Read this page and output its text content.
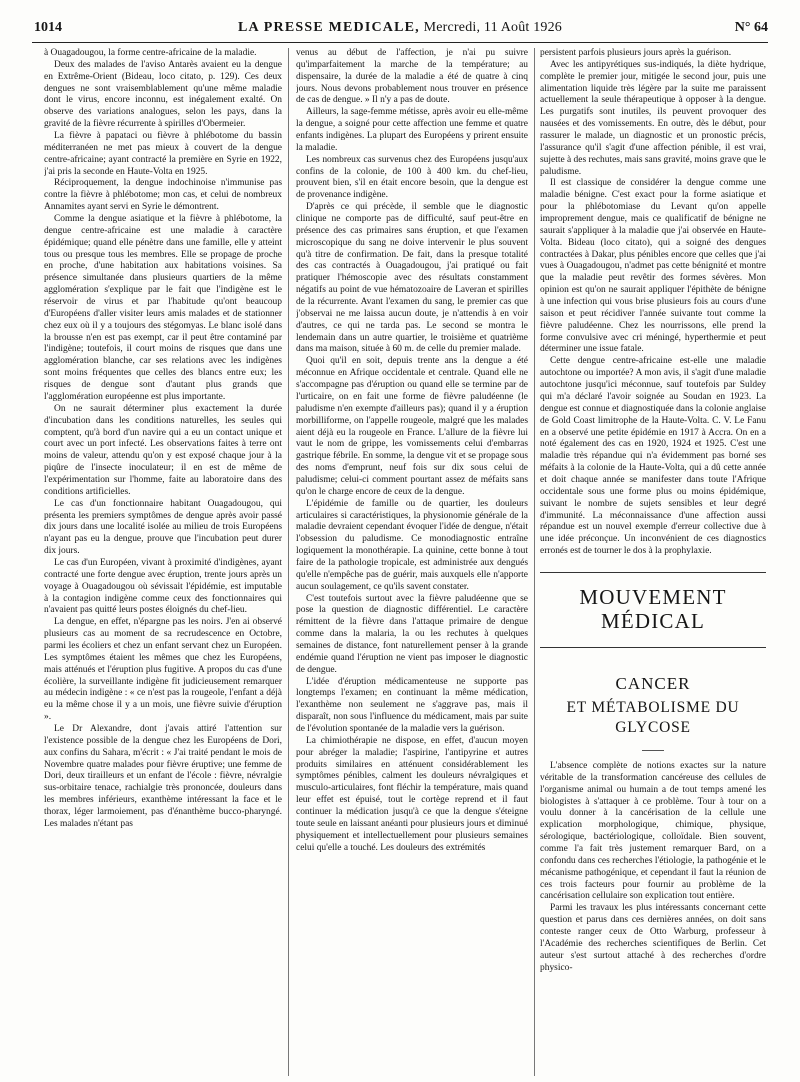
1014	LA PRESSE MEDICALE, Mercredi, 11 Août 1926	N° 64

à Ouagadougou, la forme centre-africaine de la maladie.

Deux des malades de l'aviso Antarès avaient eu la dengue en Extrême-Orient (Bideau, loco citato, p. 129). Ces deux dengues ne sont vraisemblablement qu'une même maladie dont le virus, encore inconnu, est inégalement exalté. On observe des variations analogues, selon les pays, dans la gravité de la fièvre récurrente à spirilles d'Obermeier.

La fièvre à papataci ou fièvre à phlébotome du bassin méditerranéen ne met pas mieux à couvert de la dengue centre-africaine; ayant contracté la première en Syrie en 1922, j'ai pris la seconde en Haute-Volta en 1925.

Réciproquement, la dengue indochinoise n'immunise pas contre la fièvre à phlébotome; mon cas, et celui de nombreux Annamites ayant servi en Syrie le démontrent.

Comme la dengue asiatique et la fièvre à phlébotome, la dengue centre-africaine est une maladie à caractère épidémique; quand elle pénètre dans une famille, elle y atteint tous ou presque tous les membres. Elle se propage de proche en proche, d'une habitation aux habitations voisines. Sa présence simultanée dans plusieurs quartiers de la même agglomération s'explique par le fait que l'indigène est le réservoir de virus et par l'habitude qu'ont beaucoup d'Européens d'aller visiter leurs amis malades et de stationner chez eux où il y a toujours des stégomyas. Le blanc isolé dans la brousse n'en est pas exempt, car il peut être contaminé par l'indigène; toutefois, il court moins de risques que dans une agglomération blanche, car ses relations avec les indigènes sont moins fréquentes que celles des blancs entre eux; les risques de dengue sont d'autant plus grands que l'agglomération européenne est plus importante.

On ne saurait déterminer plus exactement la durée d'incubation dans les conditions naturelles, les seules qui comptent, qu'à bord d'un navire qui a eu un contact unique et court avec un port infecté. Les observations faites à terre ont moins de valeur, attendu qu'on y est exposé chaque jour à la piqûre de l'insecte inoculateur; il en est de même de l'expérimentation sur l'homme, faite au laboratoire dans des conditions artificielles.

Le cas d'un fonctionnaire habitant Ouagadougou, qui présenta les premiers symptômes de dengue après avoir passé dix jours dans une localité isolée au milieu de trois Européens n'ayant pas eu la dengue, prouve que l'incubation peut durer dix jours.

Le cas d'un Européen, vivant à proximité d'indigènes, ayant contracté une forte dengue avec éruption, trente jours après un voyage à Ouagadougou où sévissait l'épidémie, est imputable à la contagion indigène comme ceux des fonctionnaires qui n'avaient pas quitté leurs postes éloignés du chef-lieu.

La dengue, en effet, n'épargne pas les noirs. J'en ai observé plusieurs cas au moment de sa recrudescence en Octobre, parmi les écoliers et chez un enfant servant chez un Européen. Les symptômes étaient les mêmes que chez les Européens, mais atténués et l'éruption plus fugitive. A propos du cas d'une écolière, la surveillante indigène fit judicieusement remarquer au médecin indigène : « ce n'est pas la rougeole, l'enfant a déjà eu la même chose il y a un mois, une fièvre suivie d'éruption ».

Le Dr Alexandre, dont j'avais attiré l'attention sur l'existence possible de la dengue chez les Européens de Dori, aux confins du Sahara, m'écrit : « J'ai traité pendant le mois de Novembre quatre malades pour fièvre éruptive; une femme de Dori, deux tirailleurs et un enfant de l'école : fièvre, névralgie sus-orbitaire tenace, rachialgie très prononcée, douleurs dans les membres inférieurs, exanthème intéressant la face et le thorax, léger larmoiement, pas d'énanthème bucco-pharyngé. Les malades n'étant pas

venus au début de l'affection, je n'ai pu suivre qu'imparfaitement la marche de la température; au dispensaire, la durée de la maladie a été de quatre à cinq jours. Nous devons probablement nous trouver en présence de cas de dengue. » Il n'y a pas de doute.

Ailleurs, la sage-femme métisse, après avoir eu elle-même la dengue, a soigné pour cette affection une femme et quatre enfants indigènes. La plupart des Européens y prirent ensuite la maladie.

Les nombreux cas survenus chez des Européens jusqu'aux confins de la colonie, de 100 à 400 km. du chef-lieu, prouvent bien, s'il en était encore besoin, que la dengue est de provenance indigène.

D'après ce qui précède, il semble que le diagnostic clinique ne comporte pas de difficulté, sauf peut-être en présence des cas primaires sans éruption, et que l'examen microscopique du sang ne doive intervenir le plus souvent qu'à titre de confirmation. De fait, dans la presque totalité des cas contractés à Ouagadougou, j'ai pratiqué ou fait pratiquer l'hémoscopie avec des résultats constamment négatifs au point de vue hématozoaire de Laveran et spirilles de la récurrente. Avant l'examen du sang, le premier cas que j'observai ne me laissa aucun doute, je n'attendis à en voir d'autres, ce qui ne tarda pas. Le second se montra le lendemain dans un autre quartier, le troisième et quatrième dans ma maison, située à 60 m. de celle du premier malade.

Quoi qu'il en soit, depuis trente ans la dengue a été méconnue en Afrique occidentale et centrale. Quand elle ne s'accompagne pas d'éruption ou quand elle se termine par de l'urticaire, on en fait une forme de fièvre paludéenne (le paludisme n'en exempte d'ailleurs pas); quand il y a éruption morbilliforme, on l'appelle rougeole, malgré que les malades aient déjà eu la rougeole en France. L'allure de la fièvre lui vaut le nom de grippe, les vomissements celui d'embarras gastrique fébrile. En somme, la dengue vit et se propage sous des noms d'emprunt, neuf fois sur dix sous celui de paludisme; celui-ci comment pourtant assez de méfaits sans qu'on le charge encore de ceux de la dengue.

L'épidémie de famille ou de quartier, les douleurs articulaires si caractéristiques, la physionomie générale de la maladie devraient cependant évoquer l'idée de dengue, n'était l'obsession du paludisme. Ce monodiagnostic entraîne logiquement la monothérapie. La quinine, cette bonne à tout faire de la pathologie tropicale, est administrée aux dengués qu'elle n'empêche pas de guérir, mais auxquels elle n'apporte aucun soulagement, ce qu'ils savent constater.

C'est toutefois surtout avec la fièvre paludéenne que se pose la question de diagnostic différentiel. Le caractère rémittent de la fièvre dans l'attaque primaire de dengue comme dans la malaria, la ou les rechutes à quelques semaines de distance, font naturellement penser à la grande endémie quand l'éruption ne vient pas imposer le diagnostic de dengue.

L'idée d'éruption médicamenteuse ne supporte pas longtemps l'examen; en continuant la même médication, l'exanthème non seulement ne s'aggrave pas, mais il disparaît, non sous l'influence du médicament, mais par suite de l'évolution spontanée de la maladie vers la guérison.

La chimiothérapie ne dispose, en effet, d'aucun moyen pour abréger la maladie; l'aspirine, l'antipyrine et autres produits similaires en atténuent considérablement les symptômes pénibles, calment les douleurs névralgiques et musculo-articulaires, font fléchir la température, mais quand leur effet est épuisé, tout le cortège reprend et il faut continuer la médication jusqu'à ce que la dengue s'éteigne toute seule en laissant anéanti pour plusieurs jours et diminué physiquement et intellectuellement pour plusieurs semaines celui qu'elle a touché. Les douleurs des extrémités

persistent parfois plusieurs jours après la guérison.

Avec les antipyrétiques sus-indiqués, la diète hydrique, complète le premier jour, mitigée le second jour, puis une alimentation liquide très légère par la suite me paraissent actuellement la seule thérapeutique à opposer à la dengue. Les purgatifs sont inutiles, ils peuvent provoquer des nausées et des vomissements. En outre, dès le début, pour rassurer le malade, un diagnostic et un pronostic précis, l'assurance qu'il s'agit d'une affection pénible, il est vrai, sujette à des rechutes, mais sans gravité, moins grave que le paludisme.

Il est classique de considérer la dengue comme une maladie bénigne. C'est exact pour la forme asiatique et pour la phlébotomiase du Levant qu'on appelle improprement dengue, mais ce qualificatif de bénigne ne saurait s'appliquer à la maladie que j'ai observée en Haute-Volta. Bideau (loco citato), qui a soigné des dengues contractées à Dakar, plus pénibles encore que celles que j'ai vues à Ouagadougou, n'admet pas cette bénignité et montre que la maladie peut revêtir des formes sévères. Mon opinion est qu'on ne saurait appliquer l'épithète de bénigne à une infection qui vous brise plusieurs fois au cours d'une saison et peut récidiver l'année suivante tout comme la fièvre paludéenne. Chez les nourrissons, elle prend la forme convulsive avec cri méningé, hyperthermie et peut déterminer une issue fatale.

Cette dengue centre-africaine est-elle une maladie autochtone ou importée? A mon avis, il s'agit d'une maladie autochtone jusqu'ici méconnue, sauf toutefois par Suldey qui m'a déclaré l'avoir soignée au Soudan en 1923. La dengue est connue et diagnostiquée dans la colonie anglaise de Gold Coast limitrophe de la Haute-Volta. C. V. Le Fanu en a observé une petite épidémie en 1917 à Accra. On en a noté également des cas en 1920, 1924 et 1925. C'est une maladie très répandue qui n'a évidemment pas borné ses méfaits à la colonie de la Haute-Volta, qui a dû cette année et doit chaque année se manifester dans toute l'Afrique occidentale sous une forme plus ou moins épidémique, suivant le nombre de sujets sensibles et leur degré d'immunité. La méconnaissance d'une affection aussi répandue est un nouvel exemple d'erreur collective due à une idée préconçue. Un inconvénient de ces diagnostics erronés est de tourner le dos à la prophylaxie.

MOUVEMENT MÉDICAL
CANCER
ET MÉTABOLISME DU GLYCOSE

L'absence complète de notions exactes sur la nature véritable de la transformation cancéreuse des cellules de l'organisme animal ou humain a de tout temps amené les biologistes à s'attaquer à ce problème. Tour à tour on a voulu donner à la cancérisation de la cellule une explication morphologique, chimique, physique, sérologique, bactériologique, colloïdale. Bien souvent, comme l'a fait très justement remarquer Bard, on a confondu dans ces recherches l'étiologie, la pathogénie et le mécanisme pathogénique, et cependant il faut la réunion de ces trois facteurs pour fournir au problème de la cancérisation cellulaire son explication tout entière.

Parmi les travaux les plus intéressants concernant cette question et parus dans ces dernières années, on doit sans conteste ranger ceux de Otto Warburg, professeur à l'Académie des recherches scientifiques de Berlin. Cet auteur s'est surtout attaché à des recherches d'ordre physico-
